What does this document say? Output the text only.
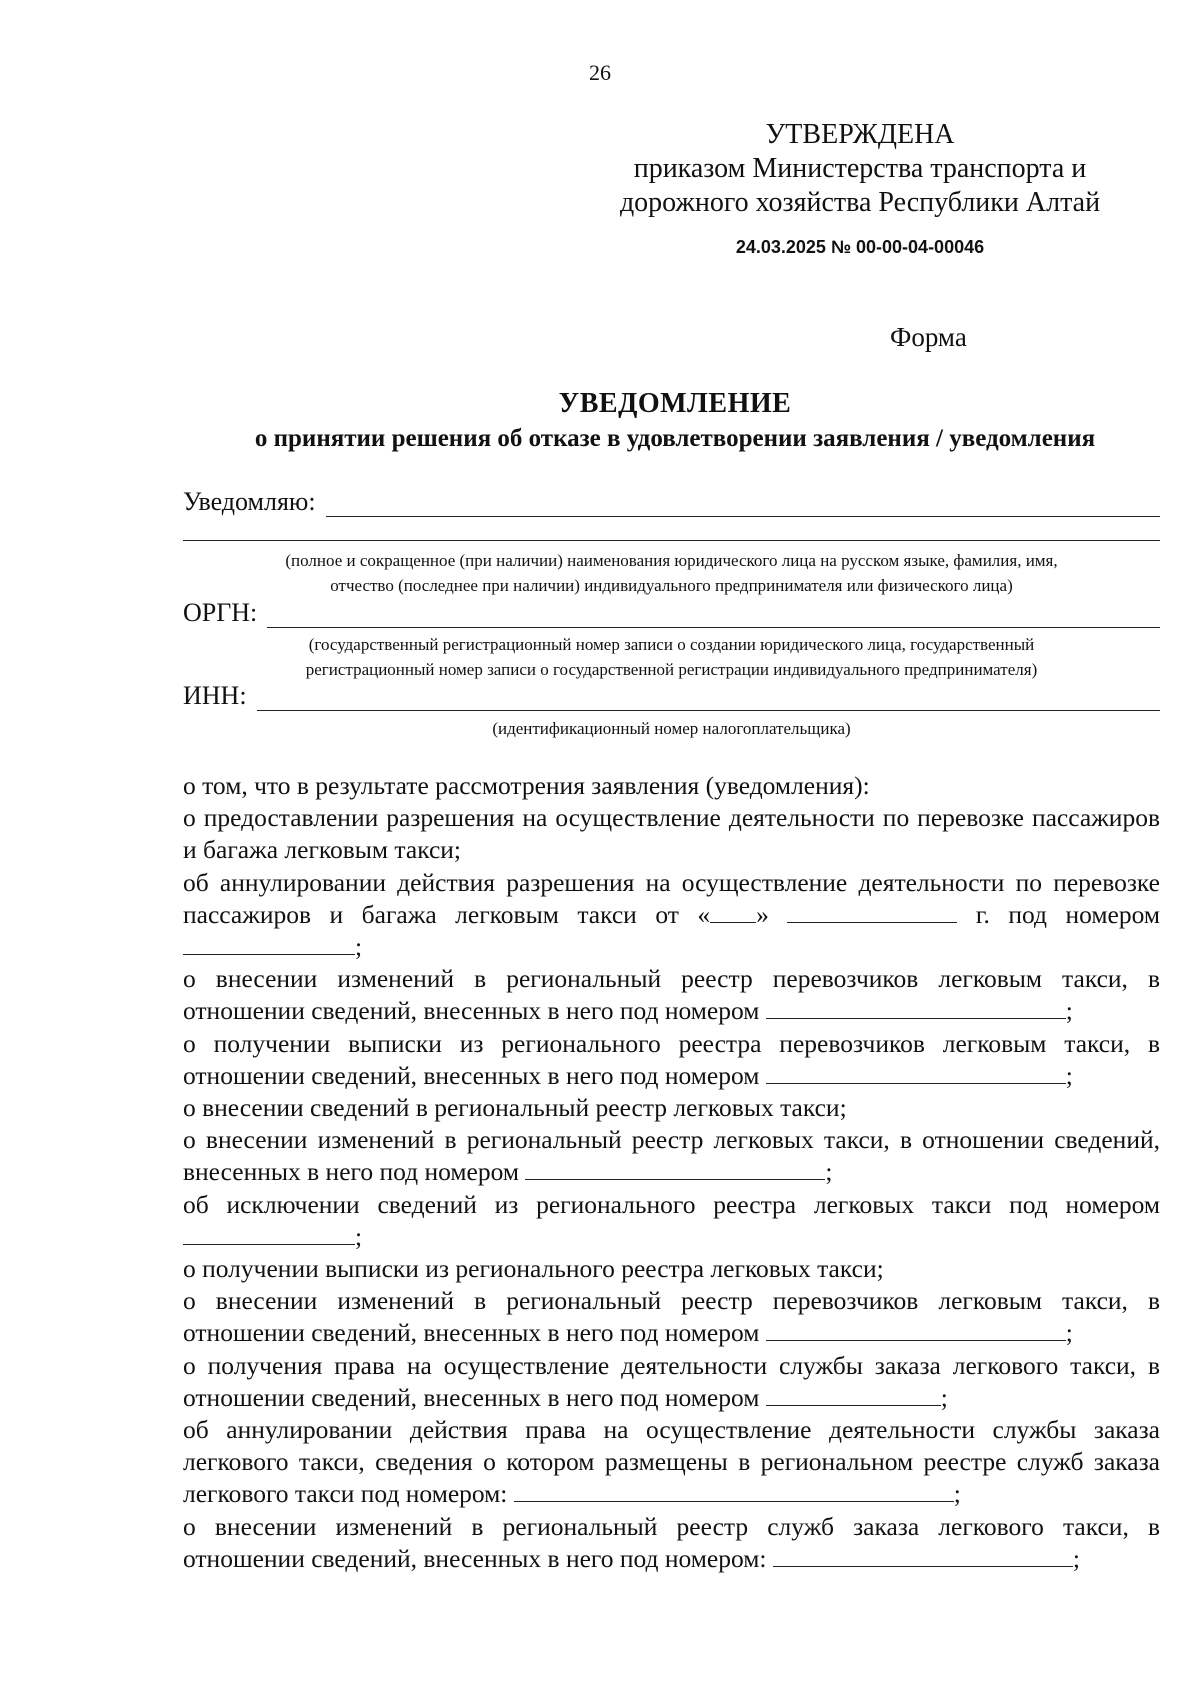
26
УТВЕРЖДЕНА
приказом Министерства транспорта и
дорожного хозяйства Республики Алтай
24.03.2025 № 00-00-04-00046
Форма
УВЕДОМЛЕНИЕ
о принятии решения об отказе в удовлетворении заявления / уведомления
Уведомляю:
(полное и сокращенное (при наличии) наименования юридического лица на русском языке, фамилия, имя,
отчество (последнее при наличии) индивидуального предпринимателя или физического лица)
ОРГН:
(государственный регистрационный номер записи о создании юридического лица, государственный
регистрационный номер записи о государственной регистрации индивидуального предпринимателя)
ИНН:
(идентификационный номер налогоплательщика)

о том, что в результате рассмотрения заявления (уведомления):

о предоставлении разрешения на осуществление деятельности по перевозке пассажиров и багажа легковым такси;

об аннулировании действия разрешения на осуществление деятельности по перевозке пассажиров и багажа легковым такси от « »	г. под номером ;

о внесении изменений в региональный реестр перевозчиков легковым такси, в отношении сведений, внесенных в него под номером	;

о получении выписки из регионального реестра перевозчиков легковым такси, в отношении сведений, внесенных в него под номером	;

о внесении сведений в региональный реестр легковых такси;

о внесении изменений в региональный реестр легковых такси, в отношении сведений, внесенных в него под номером	;

об исключении сведений из регионального реестра легковых такси под номером ;

о получении выписки из регионального реестра легковых такси;

о внесении изменений в региональный реестр перевозчиков легковым такси, в отношении сведений, внесенных в него под номером	;

о получения права на осуществление деятельности службы заказа легкового такси, в отношении сведений, внесенных в него под номером	;

об аннулировании действия права на осуществление деятельности службы заказа легкового такси, сведения о котором размещены в региональном реестре служб заказа легкового такси под номером:	;

о внесении изменений в региональный реестр служб заказа легкового такси, в отношении сведений, внесенных в него под номером:	;
